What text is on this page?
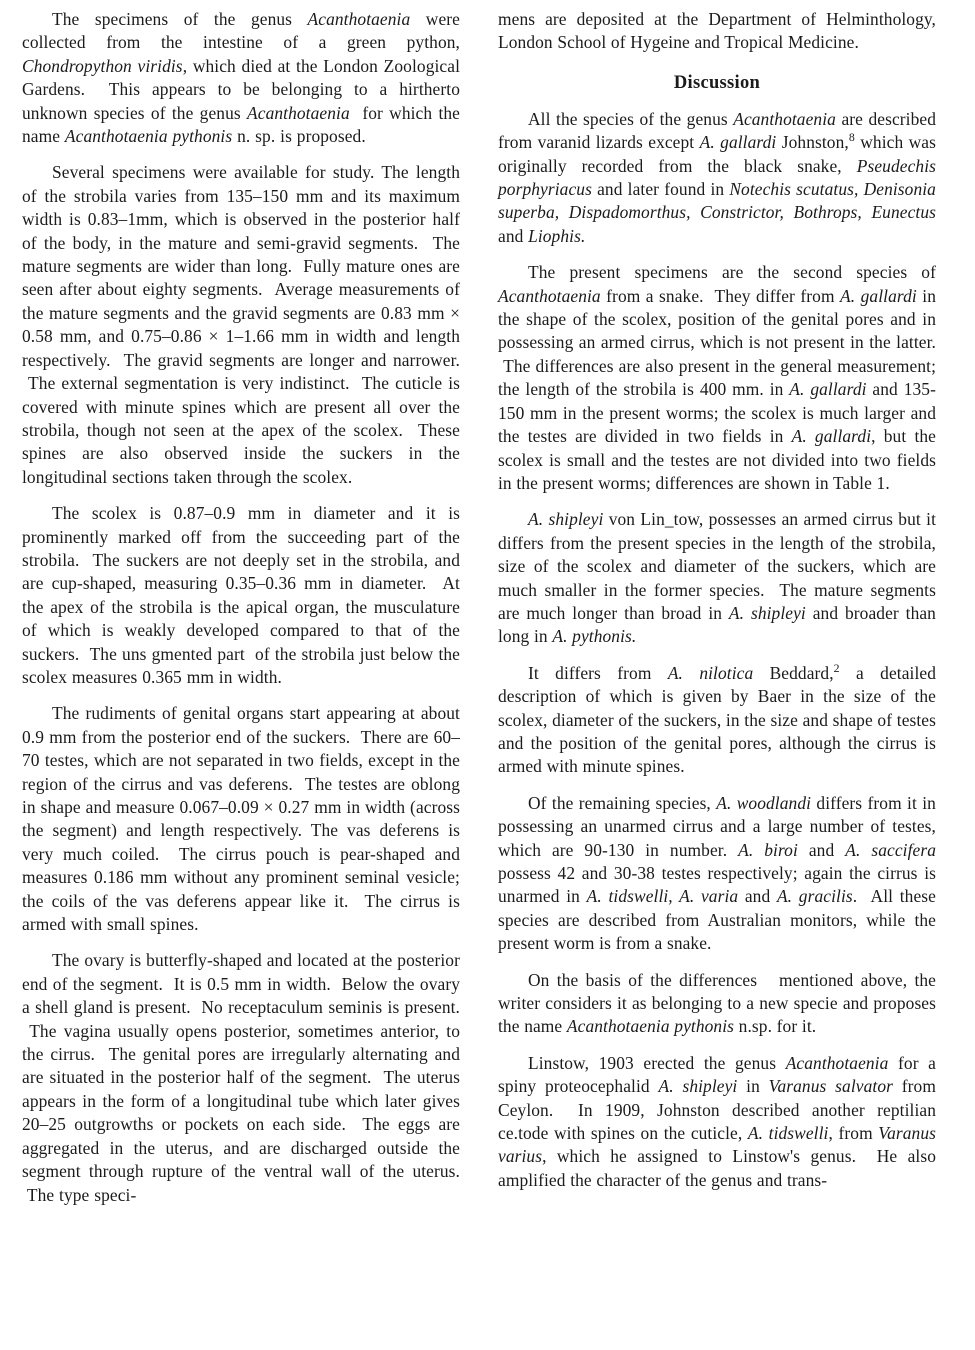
The specimens of the genus Acanthotaenia were collected from the intestine of a green python, Chondropython viridis, which died at the London Zoological Gardens.  This appears to be belonging to a hirtherto unknown species of the genus Acanthotaenia  for which the name Acanthotaenia pythonis n. sp. is proposed.

Several specimens were available for study. The length of the strobila varies from 135–150 mm and its maximum width is 0.83–1mm, which is observed in the posterior half of the body, in the mature and semi-gravid segments.  The mature segments are wider than long.  Fully mature ones are seen after about eighty segments.  Average measurements of the mature segments and the gravid segments are 0.83 mm × 0.58 mm, and 0.75–0.86 × 1–1.66 mm in width and length respectively.  The gravid segments are longer and narrower.  The external segmentation is very indistinct.  The cuticle is covered with minute spines which are present all over the strobila, though not seen at the apex of the scolex.  These spines are also observed inside the suckers in the longitudinal sections taken through the scolex.

The scolex is 0.87–0.9 mm in diameter and it is prominently marked off from the succeeding part of the strobila.  The suckers are not deeply set in the strobila, and are cup-shaped, measuring 0.35–0.36 mm in diameter.  At the apex of the strobila is the apical organ, the musculature of which is weakly developed compared to that of the suckers.  The uns gmented part  of the strobila just below the scolex measures 0.365 mm in width.

The rudiments of genital organs start appearing at about 0.9 mm from the posterior end of the suckers.  There are 60–70 testes, which are not separated in two fields, except in the region of the cirrus and vas deferens.  The testes are oblong in shape and measure 0.067–0.09 × 0.27 mm in width (across the segment) and length respectively. The vas deferens is very much coiled.  The cirrus pouch is pear-shaped and measures 0.186 mm without any prominent seminal vesicle; the coils of the vas deferens appear like it.  The cirrus is armed with small spines.

The ovary is butterfly-shaped and located at the posterior end of the segment.  It is 0.5 mm in width.  Below the ovary a shell gland is present.  No receptaculum seminis is present.  The vagina usually opens posterior, sometimes anterior, to the cirrus.  The genital pores are irregularly alternating and are situated in the posterior half of the segment.  The uterus appears in the form of a longitudinal tube which later gives 20–25 outgrowths or pockets on each side.  The eggs are aggregated in the uterus, and are discharged outside the segment through rupture of the ventral wall of the uterus.  The type speci-

mens are deposited at the Department of Helminthology, London School of Hygeine and Tropical Medicine.

Discussion

All the species of the genus Acanthotaenia are described from varanid lizards except A. gallardi Johnston,$^8$ which was originally recorded from the black snake, Pseudechis porphyriacus and later found in Notechis scutatus, Denisonia superba, Dispadomorthus, Constrictor, Bothrops, Eunectus and Liophis.

The present specimens are the second species of Acanthotaenia from a snake.  They differ from A. gallardi in the shape of the scolex, position of the genital pores and in possessing an armed cirrus, which is not present in the latter.  The differences are also present in the general measurement; the length of the strobila is 400 mm. in A. gallardi and 135-150 mm in the present worms; the scolex is much larger and the testes are divided in two fields in A. gallardi, but the scolex is small and the testes are not divided into two fields in the present worms; differences are shown in Table 1.

A. shipleyi von Lin_tow, possesses an armed cirrus but it differs from the present species in the length of the strobila, size of the scolex and diameter of the suckers, which are much smaller in the former species.  The mature segments are much longer than broad in A. shipleyi and broader than long in A. pythonis.

It differs from A. nilotica Beddard,$^2$ a detailed description of which is given by Baer in the size of the scolex, diameter of the suckers, in the size and shape of testes and the position of the genital pores, although the cirrus is armed with minute spines.

Of the remaining species, A. woodlandi differs from it in possessing an unarmed cirrus and a large number of testes, which are 90-130 in number. A. biroi and A. saccifera possess 42 and 30-38 testes respectively; again the cirrus is unarmed in A. tidswelli, A. varia and A. gracilis.  All these species are described from Australian monitors, while the present worm is from a snake.

On the basis of the differences   mentioned above, the writer considers it as belonging to a new specie and proposes the name Acanthotaenia pythonis n.sp. for it.

Linstow, 1903 erected the genus Acanthotaenia for a spiny proteocephalid A. shipleyi in Varanus salvator from Ceylon.  In 1909, Johnston described another reptilian ce.tode with spines on the cuticle, A. tidswelli, from Varanus varius, which he assigned to Linstow's genus.  He also amplified the character of the genus and trans-
